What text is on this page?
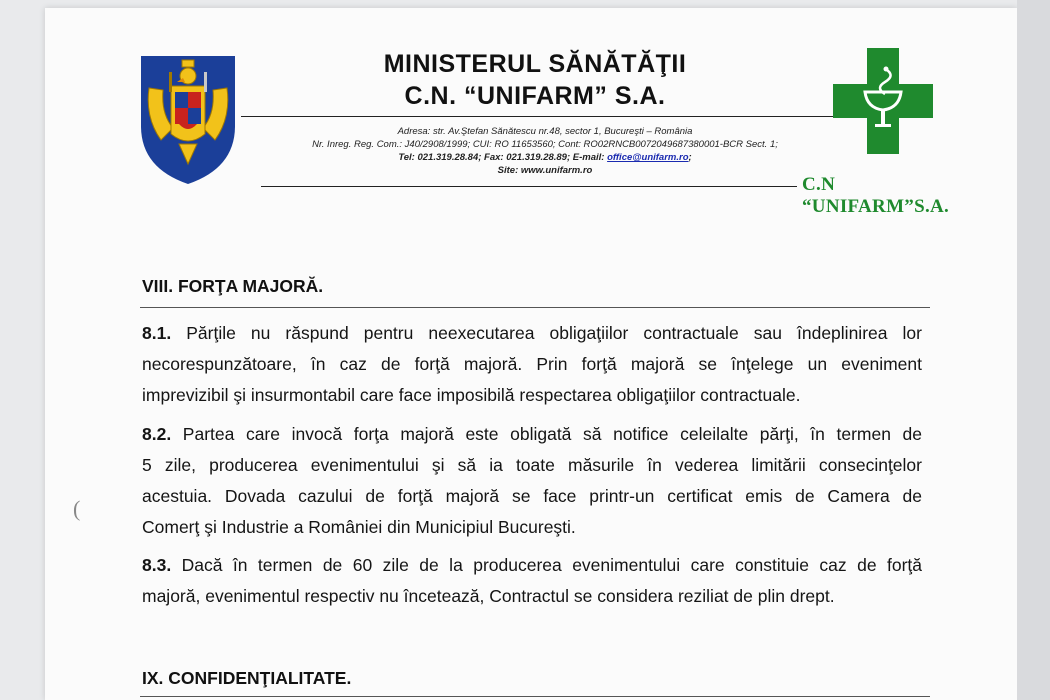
MINISTERUL SĂNĂTĂŢII
C.N. “UNIFARM” S.A.
Adresa: str. Av.Ştefan Sănătescu nr.48, sector 1, Bucureşti – România
Nr. Inreg. Reg. Com.: J40/2908/1999; CUI: RO 11653560; Cont: RO02RNCB0072049687380001-BCR Sect. 1;
Tel: 021.319.28.84; Fax: 021.319.28.89; E-mail: office@unifarm.ro;
Site: www.unifarm.ro
C.N “UNIFARM”S.A.
VIII. FORŢA MAJORĂ.
8.1. Părţile nu răspund pentru neexecutarea obligaţiilor contractuale sau îndeplinirea lor
necorespunzătoare, în caz de forţă majoră. Prin forţă majoră se înţelege un eveniment
imprevizibil şi insurmontabil care face imposibilă respectarea obligaţiilor contractuale.
8.2. Partea care invocă forţa majoră este obligată să notifice celeilalte părţi, în termen de
5 zile, producerea evenimentului şi să ia toate măsurile în vederea limitării consecinţelor
acestuia. Dovada cazului de forţă majoră se face printr-un certificat emis de Camera de
Comerţ şi Industrie a României din Municipiul Bucureşti.
8.3. Dacă în termen de 60 zile de la producerea evenimentului care constituie caz de forţă
majoră, evenimentul respectiv nu încetează, Contractul se considera reziliat de plin drept.
IX. CONFIDENŢIALITATE.
(
